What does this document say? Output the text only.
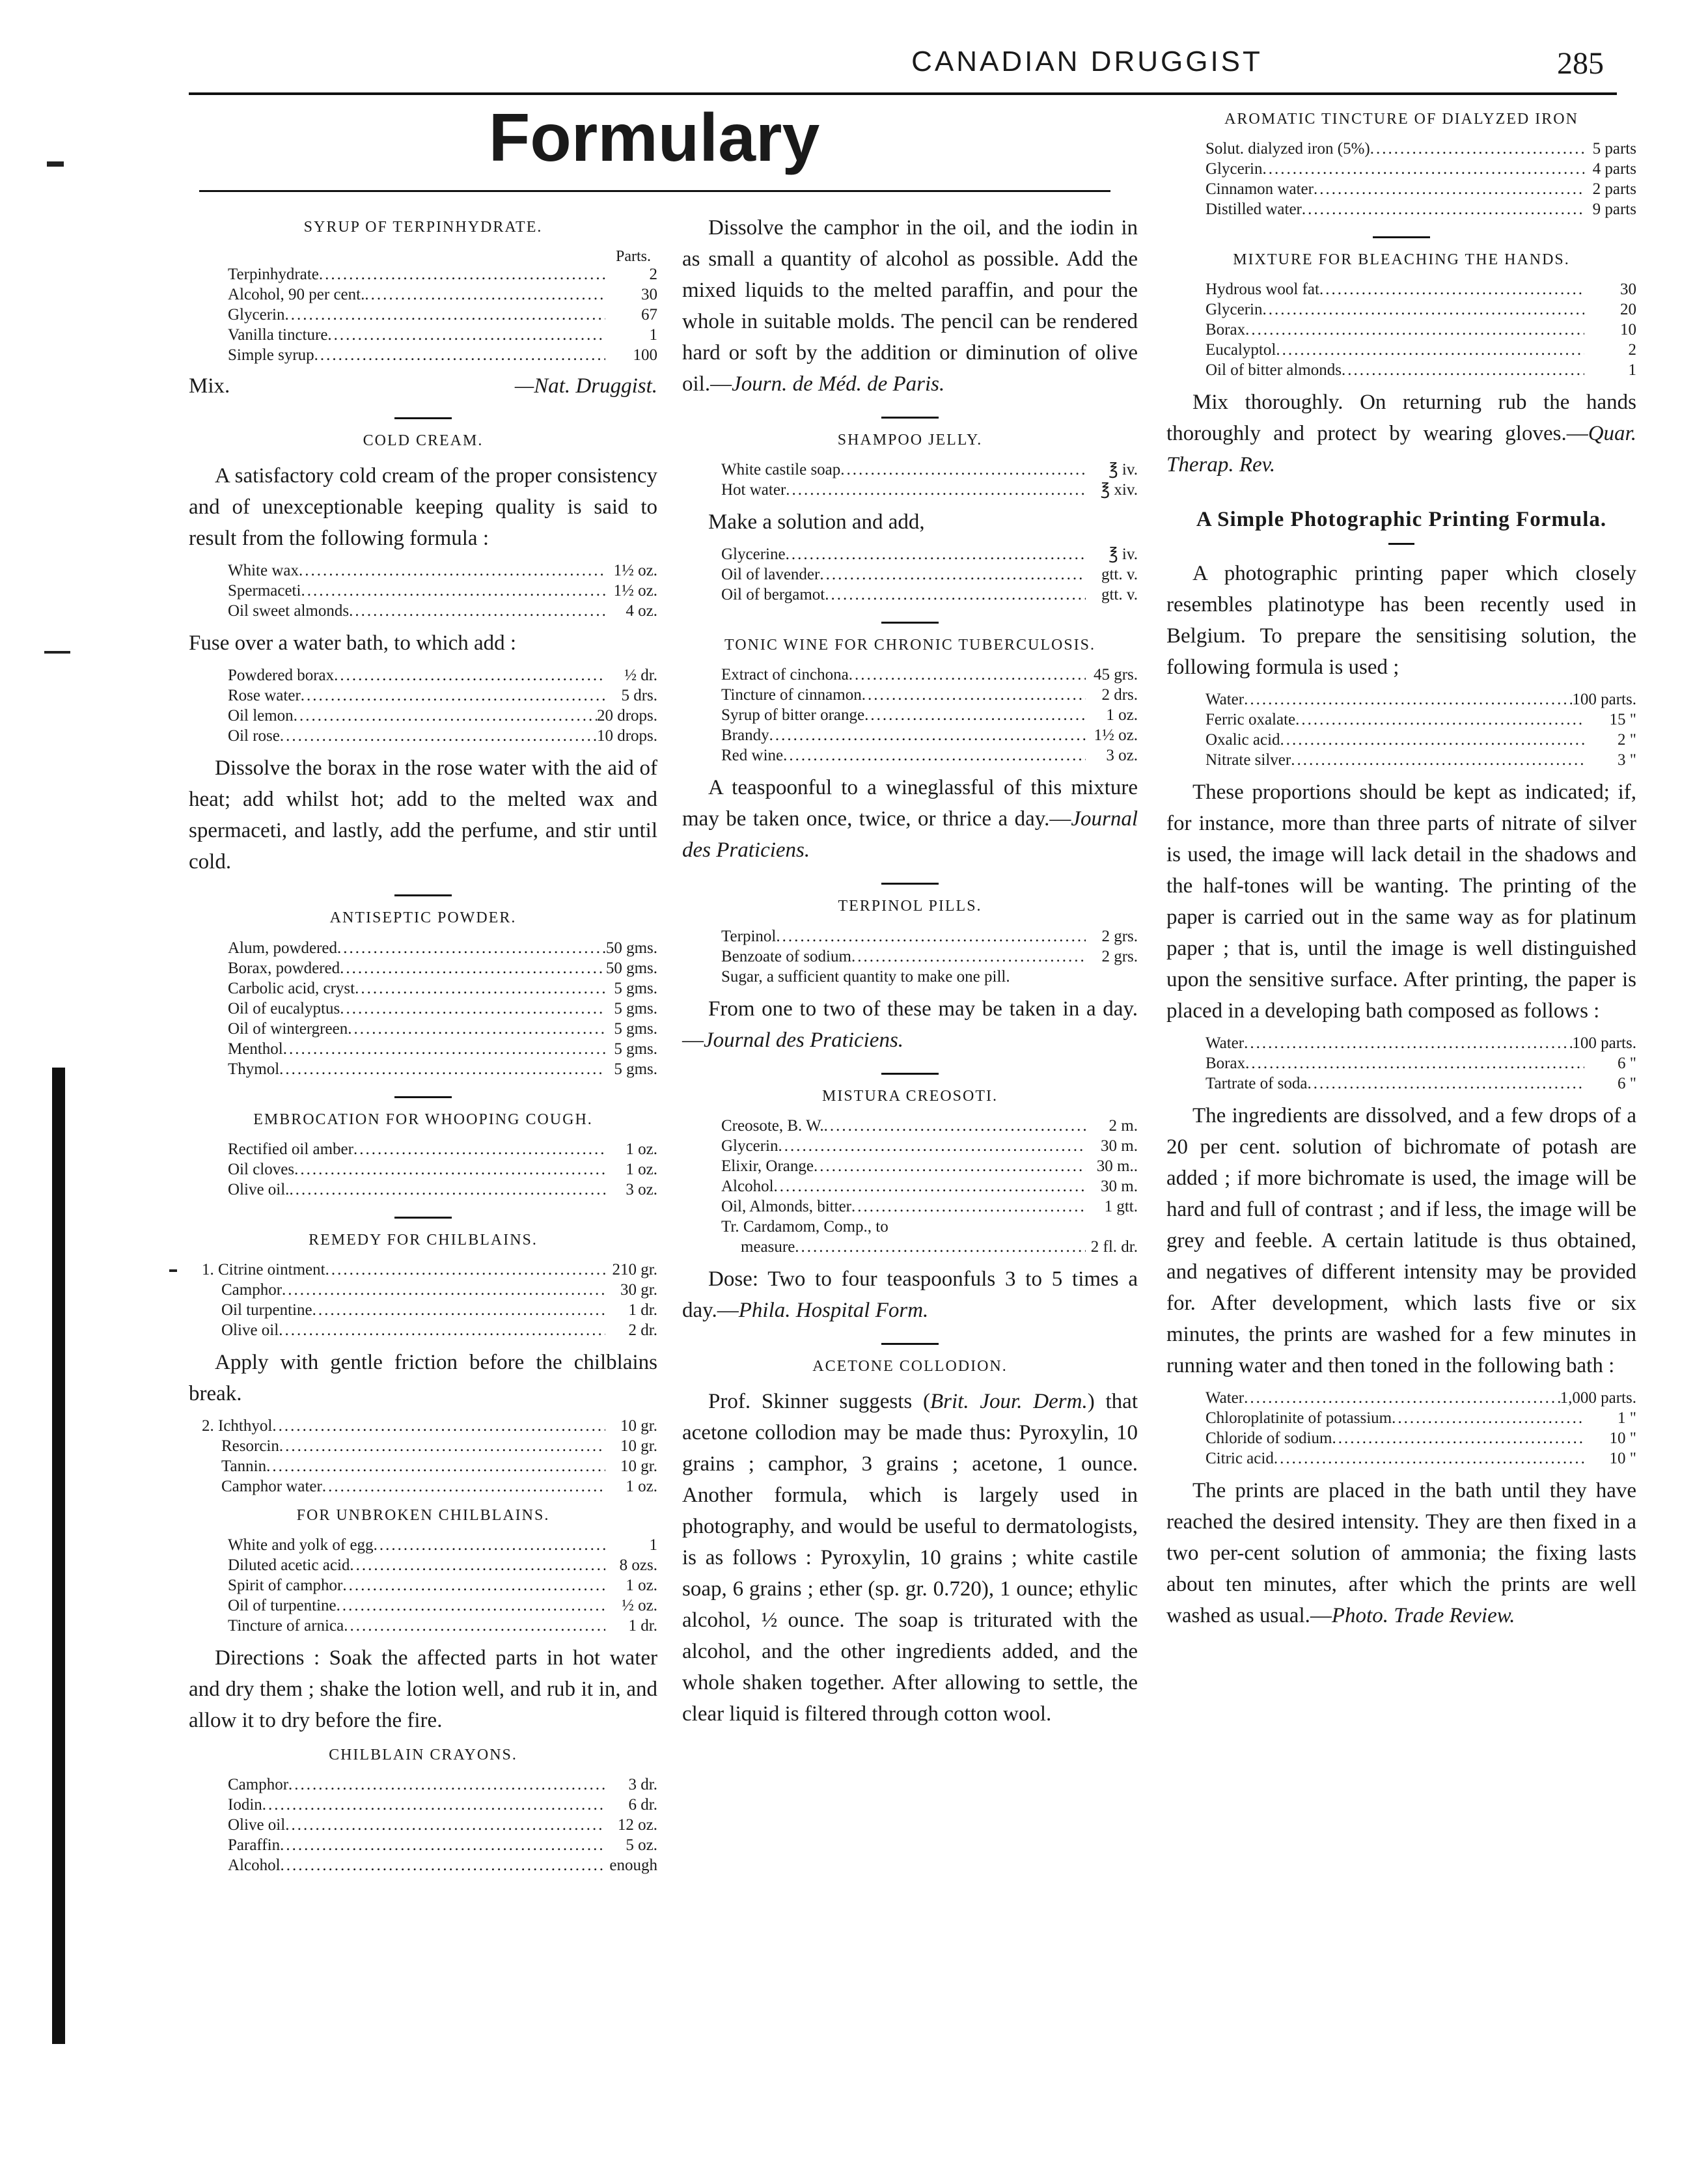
CANADIAN DRUGGIST	285
Formulary
SYRUP OF TERPINHYDRATE.
Parts.
Terpinhydrate .....	2
Alcohol, 90 per cent. .....	30
Glycerin .....	67
Vanilla tincture .....	1
Simple syrup .....	100
Mix.	—Nat. Druggist.
COLD CREAM.
A satisfactory cold cream of the proper consistency and of unexceptionable keeping quality is said to result from the following formula :
White wax .....	1½ oz.
Spermaceti .....	1½ oz.
Oil sweet almonds .....	4 oz.
Fuse over a water bath, to which add :
Powdered borax .....	½ dr.
Rose water .....	5 drs.
Oil lemon .....	20 drops.
Oil rose .....	10 drops.
Dissolve the borax in the rose water with the aid of heat; add whilst hot; add to the melted wax and spermaceti, and lastly, add the perfume, and stir until cold.
ANTISEPTIC POWDER.
Alum, powdered .....	50 gms.
Borax, powdered .....	50 gms.
Carbolic acid, cryst .....	5 gms.
Oil of eucalyptus .....	5 gms.
Oil of wintergreen .....	5 gms.
Menthol .....	5 gms.
Thymol .....	5 gms.
EMBROCATION FOR WHOOPING COUGH.
Rectified oil amber .....	1 oz.
Oil cloves .....	1 oz.
Olive oil. .....	3 oz.
REMEDY FOR CHILBLAINS.
1. Citrine ointment .....	210 gr.
Camphor .....	30 gr.
Oil turpentine .....	1 dr.
Olive oil .....	2 dr.
Apply with gentle friction before the chilblains break.
2. Ichthyol .....	10 gr.
Resorcin .....	10 gr.
Tannin .....	10 gr.
Camphor water .....	1 oz.
FOR UNBROKEN CHILBLAINS.
White and yolk of egg .....	1
Diluted acetic acid .....	8 ozs.
Spirit of camphor .....	1 oz.
Oil of turpentine .....	½ oz.
Tincture of arnica .....	1 dr.
Directions : Soak the affected parts in hot water and dry them ; shake the lotion well, and rub it in, and allow it to dry before the fire.
CHILBLAIN CRAYONS.
Camphor .....	3 dr.
Iodin .....	6 dr.
Olive oil .....	12 oz.
Paraffin .....	5 oz.
Alcohol .....	enough
Dissolve the camphor in the oil, and the iodin in as small a quantity of alcohol as possible. Add the mixed liquids to the melted paraffin, and pour the whole in suitable molds. The pencil can be rendered hard or soft by the addition or diminution of olive oil.—Journ. de Méd. de Paris.
SHAMPOO JELLY.
White castile soap .....	℥ iv.
Hot water .....	℥ xiv.
Make a solution and add,
Glycerine .....	℥ iv.
Oil of lavender .....	gtt. v.
Oil of bergamot .....	gtt. v.
TONIC WINE FOR CHRONIC TUBERCULOSIS.
Extract of cinchona .....	45 grs.
Tincture of cinnamon .....	2 drs.
Syrup of bitter orange .....	1 oz.
Brandy .....	1½ oz.
Red wine .....	3 oz.
A teaspoonful to a wineglassful of this mixture may be taken once, twice, or thrice a day.—Journal des Praticiens.
TERPINOL PILLS.
Terpinol .....	2 grs.
Benzoate of sodium .....	2 grs.
Sugar, a sufficient quantity to make one pill.
From one to two of these may be taken in a day.—Journal des Praticiens.
MISTURA CREOSOTI.
Creosote, B. W. .....	2 m.
Glycerin .....	30 m.
Elixir, Orange .....	30 m..
Alcohol .....	30 m.
Oil, Almonds, bitter .....	1 gtt.
Tr. Cardamom, Comp., to
measure .....	2 fl. dr.
Dose: Two to four teaspoonfuls 3 to 5 times a day.—Phila. Hospital Form.
ACETONE COLLODION.
Prof. Skinner suggests (Brit. Jour. Derm.) that acetone collodion may be made thus: Pyroxylin, 10 grains ; camphor, 3 grains ; acetone, 1 ounce. Another formula, which is largely used in photography, and would be useful to dermatologists, is as follows : Pyroxylin, 10 grains ; white castile soap, 6 grains ; ether (sp. gr. 0.720), 1 ounce; ethylic alcohol, ½ ounce. The soap is triturated with the alcohol, and the other ingredients added, and the whole shaken together. After allowing to settle, the clear liquid is filtered through cotton wool.
AROMATIC TINCTURE OF DIALYZED IRON
Solut. dialyzed iron (5%) .....	5 parts
Glycerin .....	4 parts
Cinnamon water .....	2 parts
Distilled water .....	9 parts
MIXTURE FOR BLEACHING THE HANDS.
Hydrous wool fat .....	30
Glycerin .....	20
Borax .....	10
Eucalyptol .....	2
Oil of bitter almonds .....	1
Mix thoroughly. On returning rub the hands thoroughly and protect by wearing gloves.—Quar. Therap. Rev.
A Simple Photographic Printing Formula.
A photographic printing paper which closely resembles platinotype has been recently used in Belgium. To prepare the sensitising solution, the following formula is used ;
Water .....	100 parts.
Ferric oxalate .....	15 "
Oxalic acid .....	2 "
Nitrate silver .....	3 "
These proportions should be kept as indicated; if, for instance, more than three parts of nitrate of silver is used, the image will lack detail in the shadows and the half-tones will be wanting. The printing of the paper is carried out in the same way as for platinum paper ; that is, until the image is well distinguished upon the sensitive surface. After printing, the paper is placed in a developing bath composed as follows :
Water .....	100 parts.
Borax .....	6 "
Tartrate of soda .....	6 "
The ingredients are dissolved, and a few drops of a 20 per cent. solution of bichromate of potash are added ; if more bichromate is used, the image will be hard and full of contrast ; and if less, the image will be grey and feeble. A certain latitude is thus obtained, and negatives of different intensity may be provided for. After development, which lasts five or six minutes, the prints are washed for a few minutes in running water and then toned in the following bath :
Water .....	1,000 parts.
Chloroplatinite of potassium .....	1 "
Chloride of sodium .....	10 "
Citric acid .....	10 "
The prints are placed in the bath until they have reached the desired intensity. They are then fixed in a two per-cent solution of ammonia; the fixing lasts about ten minutes, after which the prints are well washed as usual.—Photo. Trade Review.
